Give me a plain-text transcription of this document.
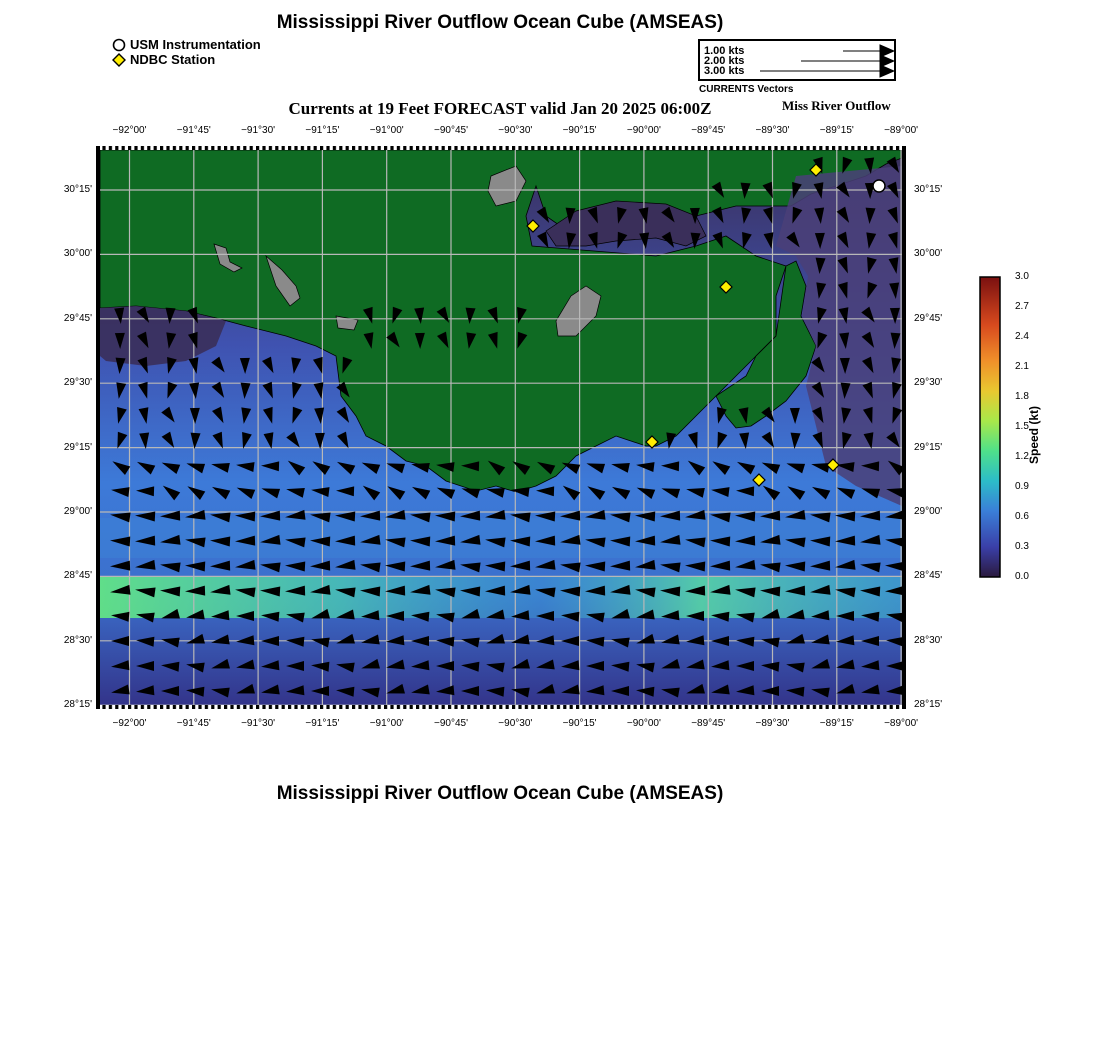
Mississippi River Outflow Ocean Cube (AMSEAS)
USM Instrumentation
NDBC Station
1.00 kts
2.00 kts
3.00 kts
CURRENTS Vectors
Currents at 19 Feet FORECAST valid Jan 20 2025 06:00Z	Miss River Outflow
−92°00'	−91°45'	−91°30'	−91°15'	−91°00'	−90°45'	−90°30'	−90°15'	−90°00'	−89°45'	−89°30'	−89°15'	−89°00'
−92°00'	−91°45'	−91°30'	−91°15'	−91°00'	−90°45'	−90°30'	−90°15'	−90°00'	−89°45'	−89°30'	−89°15'	−89°00'
30°15'
30°00'
29°45'
29°30'
29°15'
29°00'
28°45'
28°30'
28°15'
30°15'
30°00'
29°45'
29°30'
29°15'
29°00'
28°45'
28°30'
28°15'
3.0
2.7
2.4
2.1
1.8
1.5
1.2
0.9
0.6
0.3
0.0
Speed (kt)
Mississippi River Outflow Ocean Cube (AMSEAS)
